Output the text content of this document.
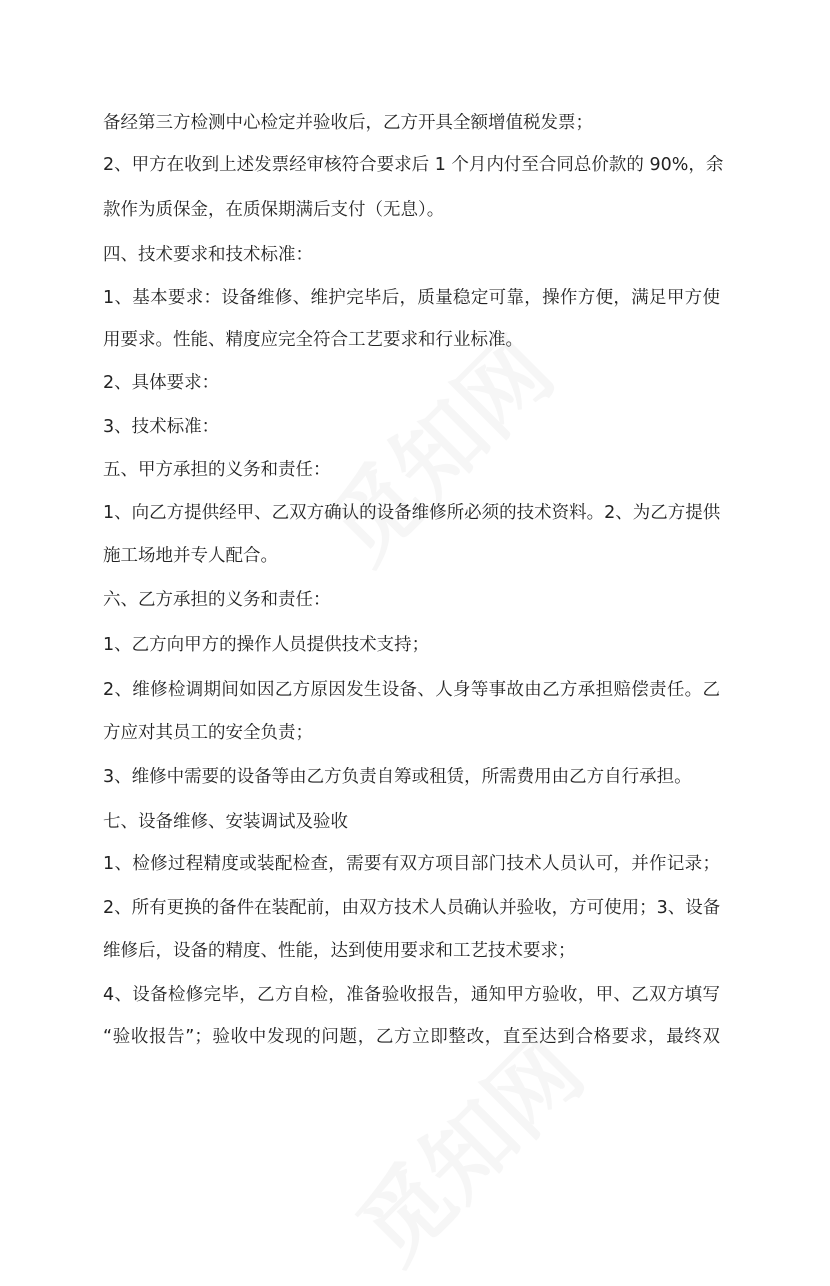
备经第三方检测中心检定并验收后，乙方开具全额增值税发票；
2、甲方在收到上述发票经审核符合要求后 1 个月内付至合同总价款的 90%，余
款作为质保金，在质保期满后支付（无息）。
四、技术要求和技术标准：
1、基本要求：设备维修、维护完毕后，质量稳定可靠，操作方便，满足甲方使
用要求。性能、精度应完全符合工艺要求和行业标准。
2、具体要求：
3、技术标准：
五、甲方承担的义务和责任：
1、向乙方提供经甲、乙双方确认的设备维修所必须的技术资料。2、为乙方提供
施工场地并专人配合。
六、乙方承担的义务和责任：
1、乙方向甲方的操作人员提供技术支持；
2、维修检调期间如因乙方原因发生设备、人身等事故由乙方承担赔偿责任。乙
方应对其员工的安全负责；
3、维修中需要的设备等由乙方负责自筹或租赁，所需费用由乙方自行承担。
七、设备维修、安装调试及验收
1、检修过程精度或装配检查，需要有双方项目部门技术人员认可，并作记录；
2、所有更换的备件在装配前，由双方技术人员确认并验收，方可使用；3、设备
维修后，设备的精度、性能，达到使用要求和工艺技术要求；
4、设备检修完毕，乙方自检，准备验收报告，通知甲方验收，甲、乙双方填写
“验收报告”；验收中发现的问题，乙方立即整改，直至达到合格要求，最终双
